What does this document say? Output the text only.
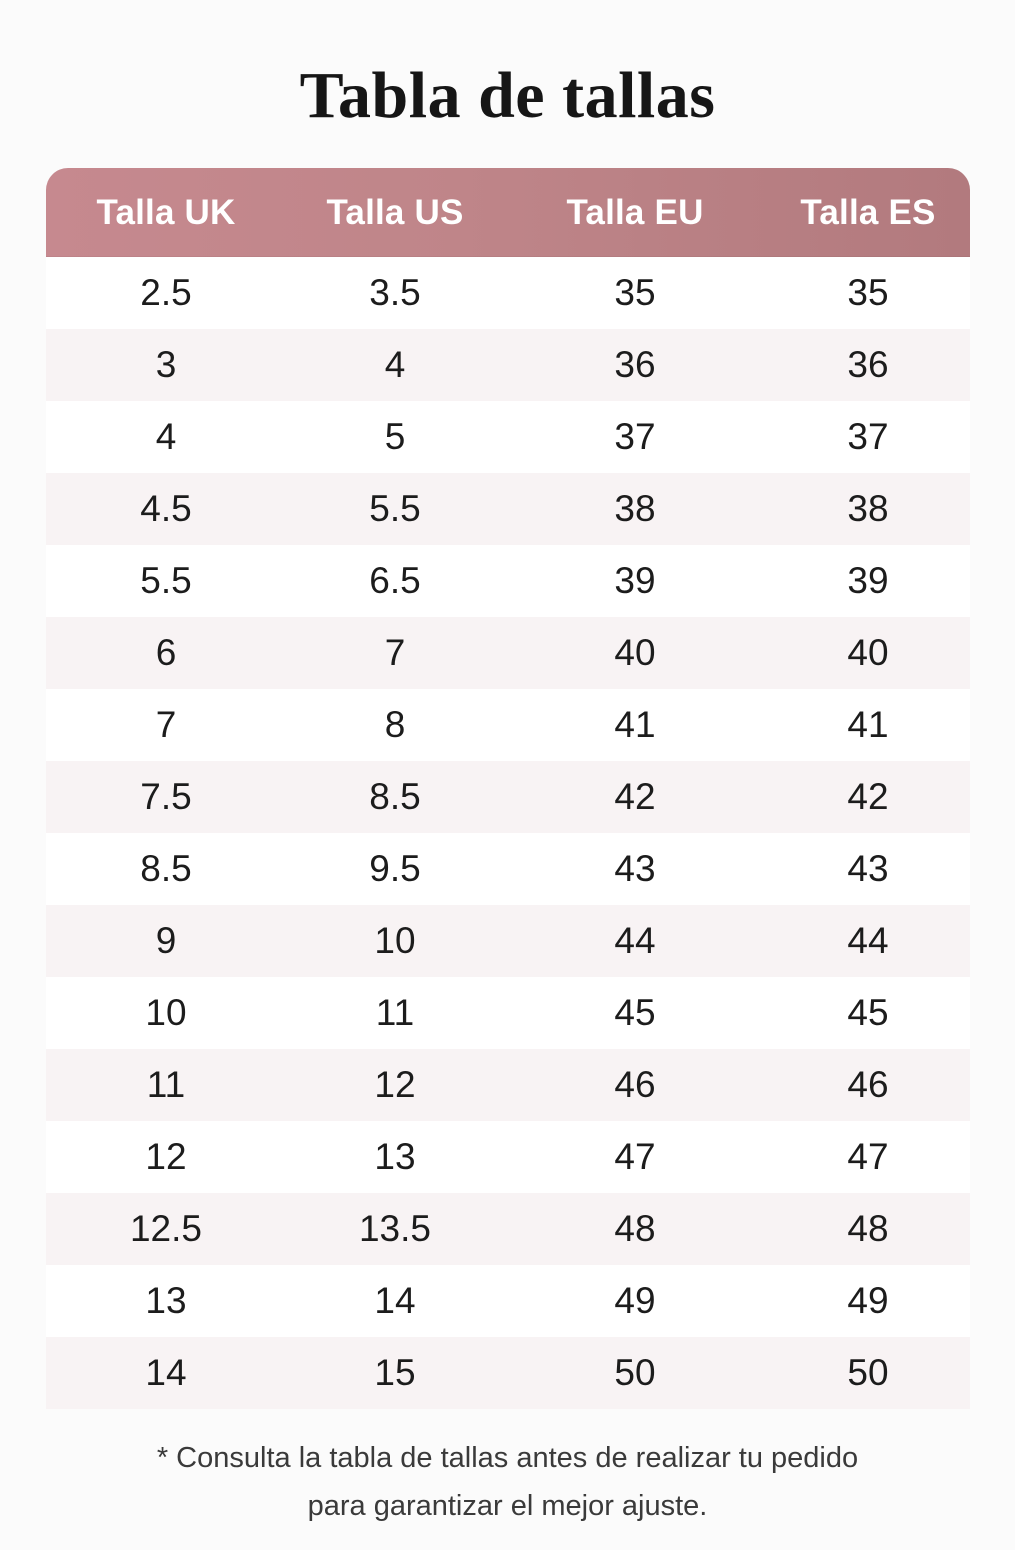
Tabla de tallas
Talla UK	Talla US	Talla EU	Talla ES
2.5	3.5	35	35
3	4	36	36
4	5	37	37
4.5	5.5	38	38
5.5	6.5	39	39
6	7	40	40
7	8	41	41
7.5	8.5	42	42
8.5	9.5	43	43
9	10	44	44
10	11	45	45
11	12	46	46
12	13	47	47
12.5	13.5	48	48
13	14	49	49
14	15	50	50
* Consulta la tabla de tallas antes de realizar tu pedido
para garantizar el mejor ajuste.
